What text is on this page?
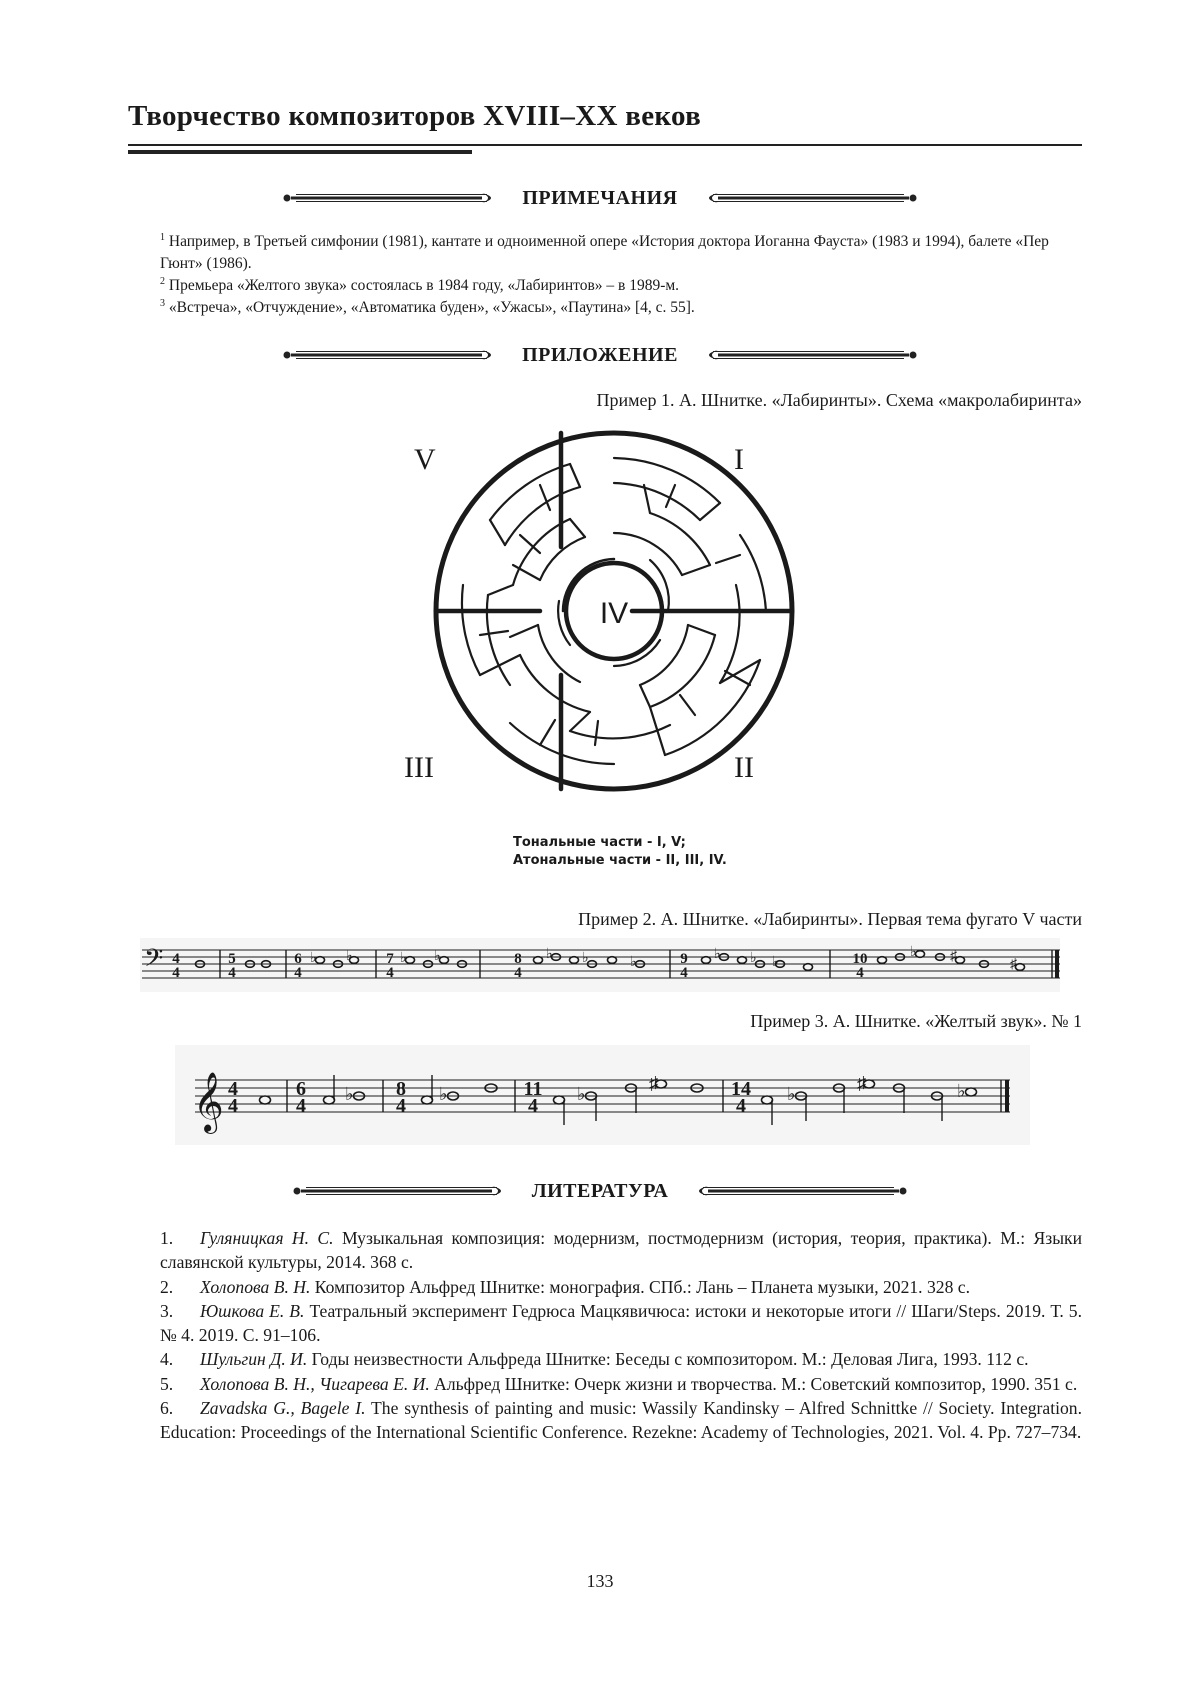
Творчество композиторов XVIII–XX веков
ПРИМЕЧАНИЯ

$^1$ Например, в Третьей симфонии (1981), кантате и одноименной опере «История доктора Иоганна Фауста» (1983 и 1994), балете «Пер Гюнт» (1986).

$^2$ Премьера «Желтого звука» состоялась в 1984 году, «Лабиринтов» – в 1989-м.

$^3$ «Встреча», «Отчуждение», «Автоматика буден», «Ужасы», «Паутина» [4, с. 55].

ПРИЛОЖЕНИЕ
Пример 1. А. Шнитке. «Лабиринты». Схема «макролабиринта»
V	I
III	II
IV
Тональные части - I, V;
Атональные части - II, III, IV.
Пример 2. А. Шнитке. «Лабиринты». Первая тема фугато V части
𝄢 4
4
5
4
6
4
7
4
8
4
9
4
10
4
♭ ♭	♭ ♭	♭ ♭	♭
♭ ♭ ♭
♭ ♯
♯
Пример 3. А. Шнитке. «Желтый звук». № 1
𝄞 4
4
6
4
8
4
11
4
14
4
♭	♭	♭
♯
♭
♯	♭
ЛИТЕРАТУРА

1. Гуляницкая Н. С. Музыкальная композиция: модернизм, постмодернизм (история, теория, практика). М.: Языки славянской культуры, 2014. 368 с.

2. Холопова В. Н. Композитор Альфред Шнитке: монография. СПб.: Лань – Планета музыки, 2021. 328 с.

3. Юшкова Е. В. Театральный эксперимент Гедрюса Мацкявичюса: истоки и некоторые итоги // Шаги/Steps. 2019. Т. 5. № 4. 2019. С. 91–106.

4. Шульгин Д. И. Годы неизвестности Альфреда Шнитке: Беседы с композитором. М.: Деловая Лига, 1993. 112 с.

5. Холопова В. Н., Чигарева Е. И. Альфред Шнитке: Очерк жизни и творчества. М.: Советский композитор, 1990. 351 с.

6. Zavadska G., Bagele I. The synthesis of painting and music: Wassily Kandinsky – Alfred Schnittke // Society. Integration. Education: Proceedings of the International Scientific Conference. Rezekne: Academy of Technologies, 2021. Vol. 4. Pp. 727–734.

133
